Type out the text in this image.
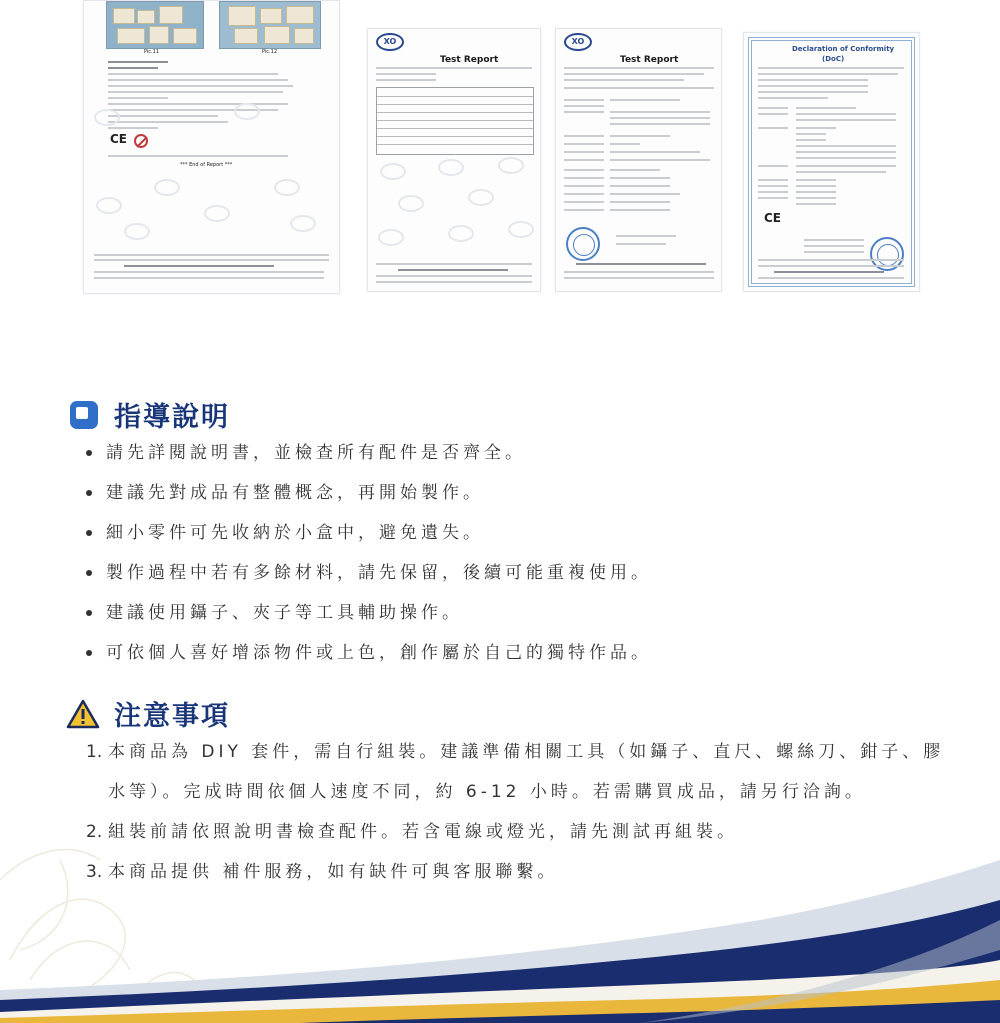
Pic.11	Pic.12
CE
*** End of Report ***
XO
Test Report
XO
Test Report
Declaration of Conformity
(DoC)
CE
指導說明
請先詳閱說明書，並檢查所有配件是否齊全。
建議先對成品有整體概念，再開始製作。
細小零件可先收納於小盒中，避免遺失。
製作過程中若有多餘材料，請先保留，後續可能重複使用。
建議使用鑷子、夾子等工具輔助操作。
可依個人喜好增添物件或上色，創作屬於自己的獨特作品。
注意事項
1. 本商品為 DIY 套件，需自行組裝。建議準備相關工具（如鑷子、直尺、螺絲刀、鉗子、膠水等）。完成時間依個人速度不同，約 6-12 小時。若需購買成品，請另行洽詢。
2. 組裝前請依照說明書檢查配件。若含電線或燈光，請先測試再組裝。
3. 本商品提供 補件服務，如有缺件可與客服聯繫。
